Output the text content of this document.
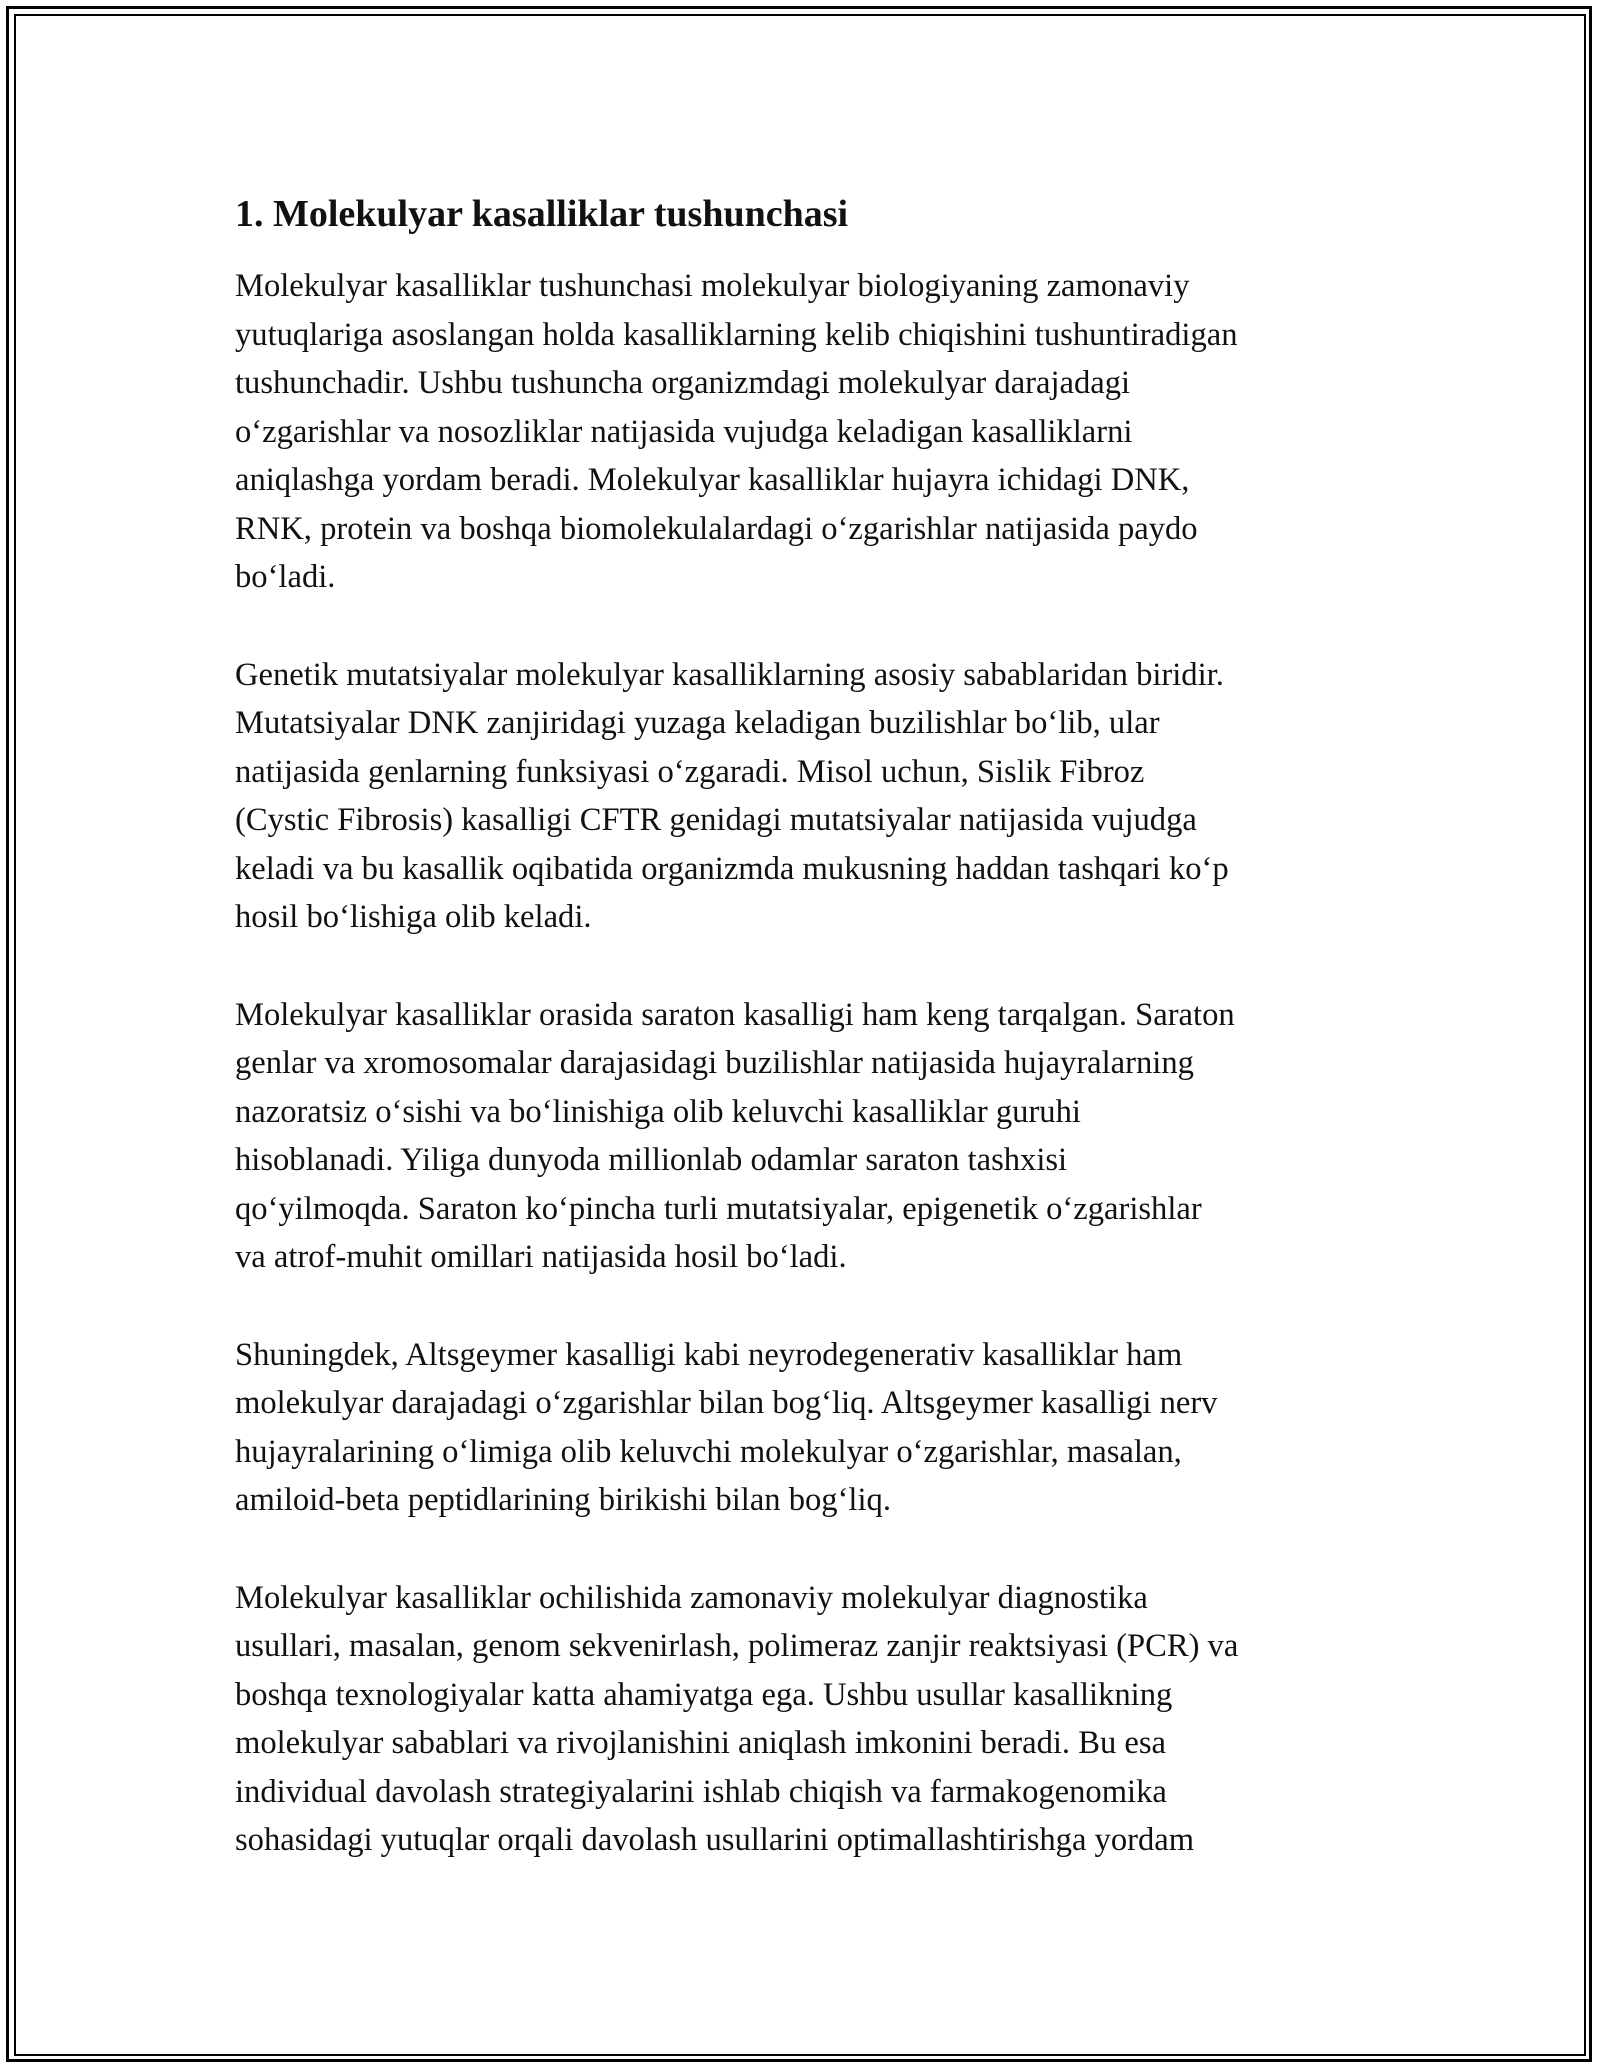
1. Molekulyar kasalliklar tushunchasi

Molekulyar kasalliklar tushunchasi molekulyar biologiyaning zamonaviy
yutuqlariga asoslangan holda kasalliklarning kelib chiqishini tushuntiradigan
tushunchadir. Ushbu tushuncha organizmdagi molekulyar darajadagi
o‘zgarishlar va nosozliklar natijasida vujudga keladigan kasalliklarni
aniqlashga yordam beradi. Molekulyar kasalliklar hujayra ichidagi DNK,
RNK, protein va boshqa biomolekulalardagi o‘zgarishlar natijasida paydo
bo‘ladi.

Genetik mutatsiyalar molekulyar kasalliklarning asosiy sabablaridan biridir.
Mutatsiyalar DNK zanjiridagi yuzaga keladigan buzilishlar bo‘lib, ular
natijasida genlarning funksiyasi o‘zgaradi. Misol uchun, Sislik Fibroz
(Cystic Fibrosis) kasalligi CFTR genidagi mutatsiyalar natijasida vujudga
keladi va bu kasallik oqibatida organizmda mukusning haddan tashqari ko‘p
hosil bo‘lishiga olib keladi.

Molekulyar kasalliklar orasida saraton kasalligi ham keng tarqalgan. Saraton
genlar va xromosomalar darajasidagi buzilishlar natijasida hujayralarning
nazoratsiz o‘sishi va bo‘linishiga olib keluvchi kasalliklar guruhi
hisoblanadi. Yiliga dunyoda millionlab odamlar saraton tashxisi
qo‘yilmoqda. Saraton ko‘pincha turli mutatsiyalar, epigenetik o‘zgarishlar
va atrof-muhit omillari natijasida hosil bo‘ladi.

Shuningdek, Altsgeymer kasalligi kabi neyrodegenerativ kasalliklar ham
molekulyar darajadagi o‘zgarishlar bilan bog‘liq. Altsgeymer kasalligi nerv
hujayralarining o‘limiga olib keluvchi molekulyar o‘zgarishlar, masalan,
amiloid-beta peptidlarining birikishi bilan bog‘liq.

Molekulyar kasalliklar ochilishida zamonaviy molekulyar diagnostika
usullari, masalan, genom sekvenirlash, polimeraz zanjir reaktsiyasi (PCR) va
boshqa texnologiyalar katta ahamiyatga ega. Ushbu usullar kasallikning
molekulyar sabablari va rivojlanishini aniqlash imkonini beradi. Bu esa
individual davolash strategiyalarini ishlab chiqish va farmakogenomika
sohasidagi yutuqlar orqali davolash usullarini optimallashtirishga yordam
